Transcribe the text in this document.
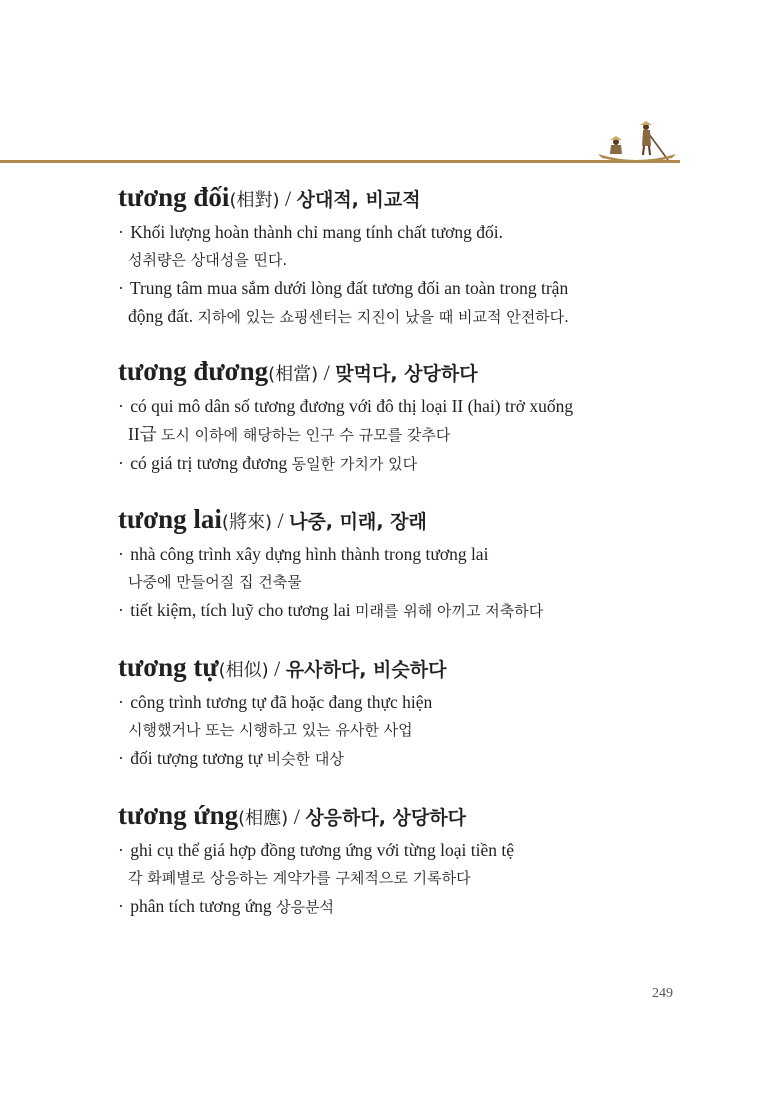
tương đối(相對) / 상대적, 비교적
· Khối lượng hoàn thành chỉ mang tính chất tương đối.
성취량은 상대성을 띤다.
· Trung tâm mua sắm dưới lòng đất tương đối an toàn trong trận
động đất. 지하에 있는 쇼핑센터는 지진이 났을 때 비교적 안전하다.
tương đương(相當) / 맞먹다, 상당하다
· có qui mô dân số tương đương với đô thị loại II (hai) trở xuống
II급 도시 이하에 해당하는 인구 수 규모를 갖추다
· có giá trị tương đương 동일한 가치가 있다
tương lai(將來) / 나중, 미래, 장래
· nhà công trình xây dựng hình thành trong tương lai
나중에 만들어질 집 건축물
· tiết kiệm, tích luỹ cho tương lai 미래를 위해 아끼고 저축하다
tương tự(相似) / 유사하다, 비슷하다
· công trình tương tự đã hoặc đang thực hiện
시행했거나 또는 시행하고 있는 유사한 사업
· đối tượng tương tự 비슷한 대상
tương ứng(相應) / 상응하다, 상당하다
· ghi cụ thể giá hợp đồng tương ứng với từng loại tiền tệ
각 화폐별로 상응하는 계약가를 구체적으로 기록하다
· phân tích tương ứng 상응분석
249
